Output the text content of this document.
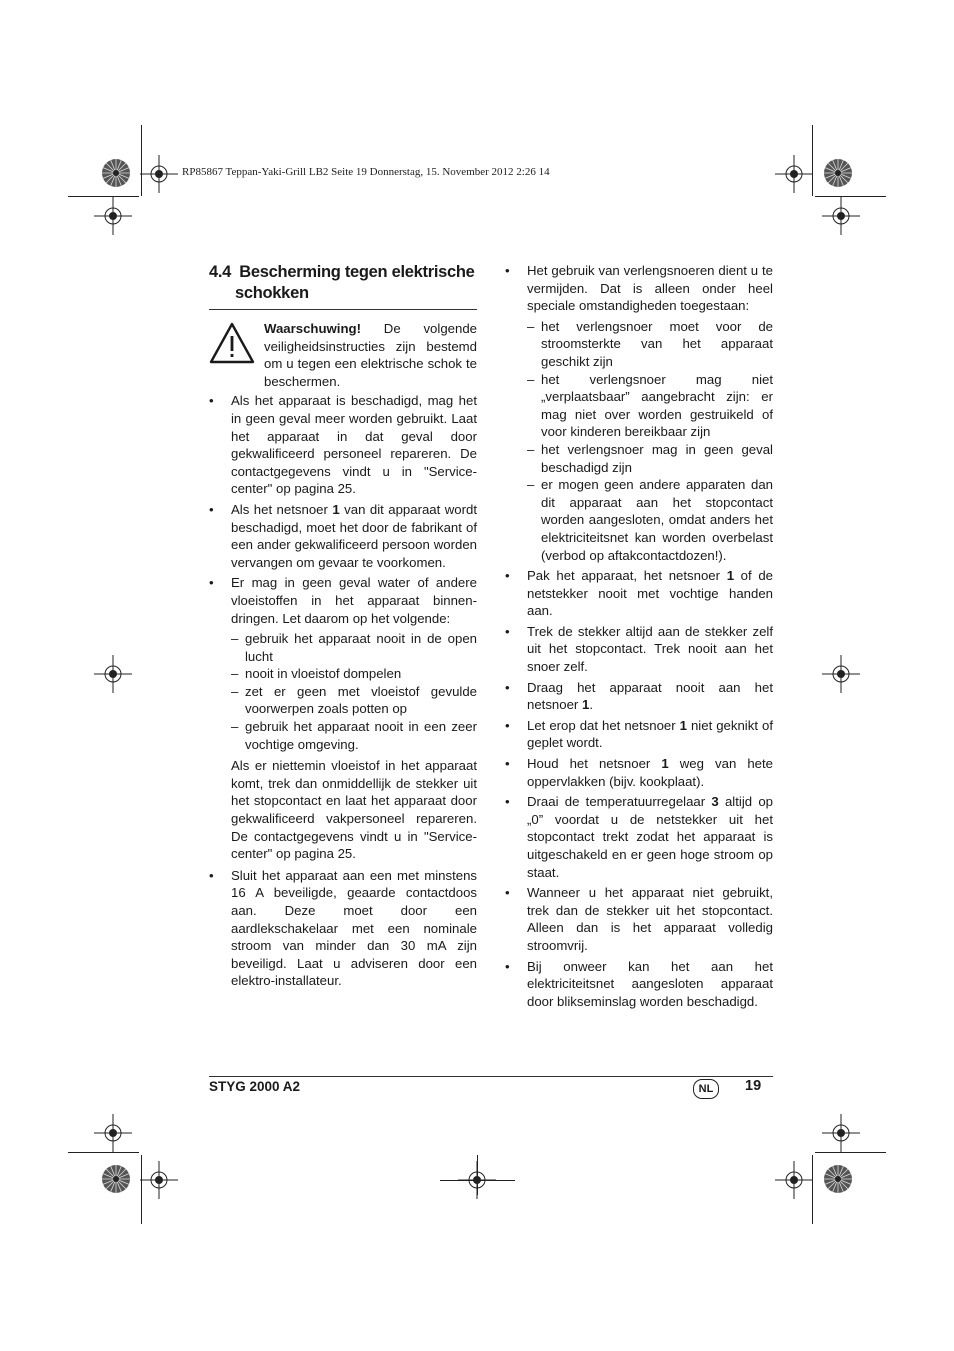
RP85867 Teppan-Yaki-Grill LB2 Seite 19 Donnerstag, 15. November 2012 2:26 14
4.4 Bescherming tegen elektrische
schokken
Waarschuwing! De volgende veiligheidsinstructies zijn bestemd om u tegen een elektrische schok te beschermen.
• Als het apparaat is beschadigd, mag het in geen geval meer worden gebruikt. Laat het apparaat in dat geval door gekwalificeerd personeel repareren. De contactgegevens vindt u in "Service-center" op pagina 25.
• Als het netsnoer 1 van dit apparaat wordt beschadigd, moet het door de fabrikant of een ander gekwalificeerd persoon worden vervangen om gevaar te voorkomen.
• Er mag in geen geval water of andere vloeistoffen in het apparaat binnen-dringen. Let daarom op het volgende:
– gebruik het apparaat nooit in de open lucht
– nooit in vloeistof dompelen
– zet er geen met vloeistof gevulde voorwerpen zoals potten op
– gebruik het apparaat nooit in een zeer vochtige omgeving.
Als er niettemin vloeistof in het apparaat komt, trek dan onmiddellijk de stekker uit het stopcontact en laat het apparaat door gekwalificeerd vakpersoneel repareren. De contactgegevens vindt u in "Service-center" op pagina 25.
• Sluit het apparaat aan een met minstens 16 A beveiligde, geaarde contactdoos aan. Deze moet door een aardlekschakelaar met een nominale stroom van minder dan 30 mA zijn beveiligd. Laat u adviseren door een elektro-installateur.
• Het gebruik van verlengsnoeren dient u te vermijden. Dat is alleen onder heel speciale omstandigheden toegestaan:
– het verlengsnoer moet voor de stroomsterkte van het apparaat geschikt zijn
– het verlengsnoer mag niet „verplaatsbaar” aangebracht zijn: er mag niet over worden gestruikeld of voor kinderen bereikbaar zijn
– het verlengsnoer mag in geen geval beschadigd zijn
– er mogen geen andere apparaten dan dit apparaat aan het stopcontact worden aangesloten, omdat anders het elektriciteitsnet kan worden overbelast (verbod op aftakcontactdozen!).
• Pak het apparaat, het netsnoer 1 of de netstekker nooit met vochtige handen aan.
• Trek de stekker altijd aan de stekker zelf uit het stopcontact. Trek nooit aan het snoer zelf.
• Draag het apparaat nooit aan het netsnoer 1.
• Let erop dat het netsnoer 1 niet geknikt of geplet wordt.
• Houd het netsnoer 1 weg van hete oppervlakken (bijv. kookplaat).
• Draai de temperatuurregelaar 3 altijd op „0” voordat u de netstekker uit het stopcontact trekt zodat het apparaat is uitgeschakeld en er geen hoge stroom op staat.
• Wanneer u het apparaat niet gebruikt, trek dan de stekker uit het stopcontact. Alleen dan is het apparaat volledig stroomvrij.
• Bij onweer kan het aan het elektriciteitsnet aangesloten apparaat door blikseminslag worden beschadigd.
STYG 2000 A2	NL	19
